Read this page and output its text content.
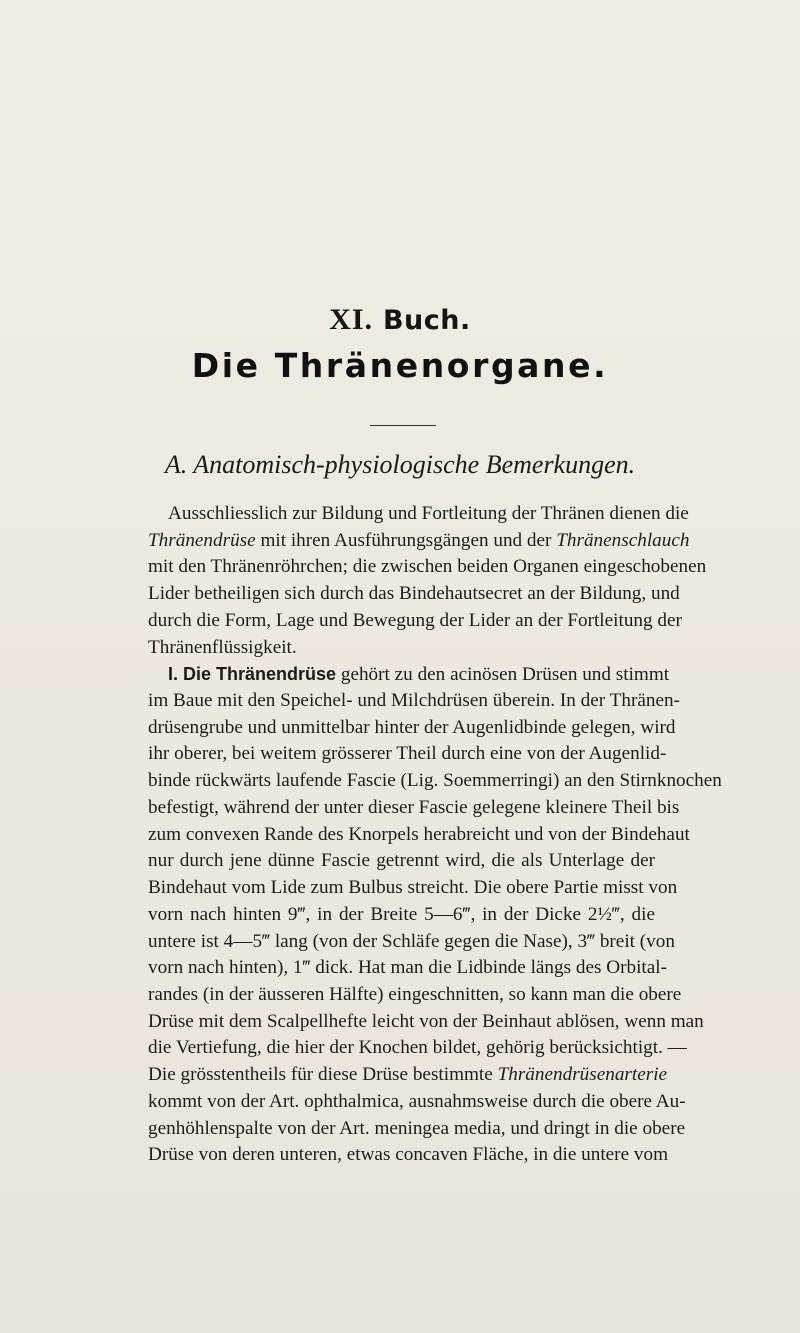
XI. Buch.
Die Thränenorgane.
A. Anatomisch-physiologische Bemerkungen.
Ausschliesslich zur Bildung und Fortleitung der Thränen dienen die
Thränendrüse mit ihren Ausführungsgängen und der Thränenschlauch
mit den Thränenröhrchen; die zwischen beiden Organen eingeschobenen
Lider betheiligen sich durch das Bindehautsecret an der Bildung, und
durch die Form, Lage und Bewegung der Lider an der Fortleitung der
Thränenflüssigkeit.
I. Die Thränendrüse gehört zu den acinösen Drüsen und stimmt
im Baue mit den Speichel- und Milchdrüsen überein. In der Thränen-
drüsengrube und unmittelbar hinter der Augenlidbinde gelegen, wird
ihr oberer, bei weitem grösserer Theil durch eine von der Augenlid-
binde rückwärts laufende Fascie (Lig. Soemmerringi) an den Stirnknochen
befestigt, während der unter dieser Fascie gelegene kleinere Theil bis
zum convexen Rande des Knorpels herabreicht und von der Bindehaut
nur durch jene dünne Fascie getrennt wird, die als Unterlage der
Bindehaut vom Lide zum Bulbus streicht. Die obere Partie misst von
vorn nach hinten 9‴, in der Breite 5—6‴, in der Dicke 2½‴, die
untere ist 4—5‴ lang (von der Schläfe gegen die Nase), 3‴ breit (von
vorn nach hinten), 1‴ dick. Hat man die Lidbinde längs des Orbital-
randes (in der äusseren Hälfte) eingeschnitten, so kann man die obere
Drüse mit dem Scalpellhefte leicht von der Beinhaut ablösen, wenn man
die Vertiefung, die hier der Knochen bildet, gehörig berücksichtigt. —
Die grösstentheils für diese Drüse bestimmte Thränendrüsenarterie
kommt von der Art. ophthalmica, ausnahmsweise durch die obere Au-
genhöhlenspalte von der Art. meningea media, und dringt in die obere
Drüse von deren unteren, etwas concaven Fläche, in die untere vom
